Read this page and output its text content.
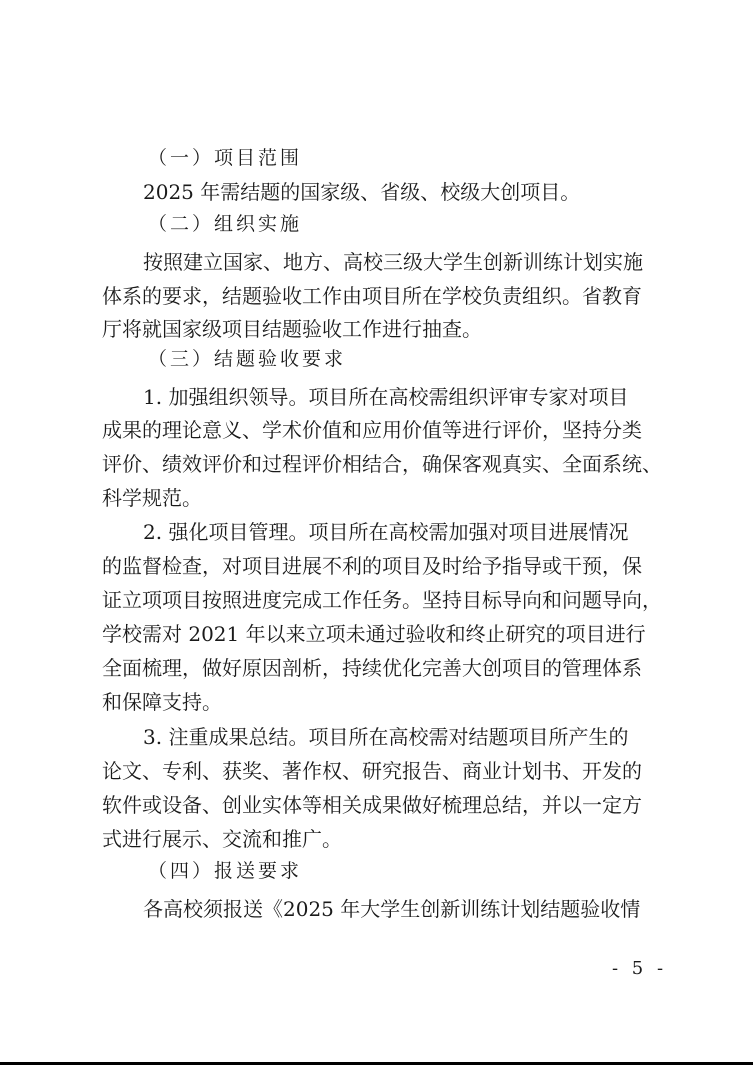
（一）项目范围
2025 年需结题的国家级、省级、校级大创项目。
（二）组织实施
按照建立国家、地方、高校三级大学生创新训练计划实施
体系的要求，结题验收工作由项目所在学校负责组织。省教育
厅将就国家级项目结题验收工作进行抽查。
（三）结题验收要求
1. 加强组织领导。项目所在高校需组织评审专家对项目
成果的理论意义、学术价值和应用价值等进行评价，坚持分类
评价、绩效评价和过程评价相结合，确保客观真实、全面系统、
科学规范。
2. 强化项目管理。项目所在高校需加强对项目进展情况
的监督检查，对项目进展不利的项目及时给予指导或干预，保
证立项项目按照进度完成工作任务。坚持目标导向和问题导向，
学校需对 2021 年以来立项未通过验收和终止研究的项目进行
全面梳理，做好原因剖析，持续优化完善大创项目的管理体系
和保障支持。
3. 注重成果总结。项目所在高校需对结题项目所产生的
论文、专利、获奖、著作权、研究报告、商业计划书、开发的
软件或设备、创业实体等相关成果做好梳理总结，并以一定方
式进行展示、交流和推广。
（四）报送要求
各高校须报送《2025 年大学生创新训练计划结题验收情
- 5 -
